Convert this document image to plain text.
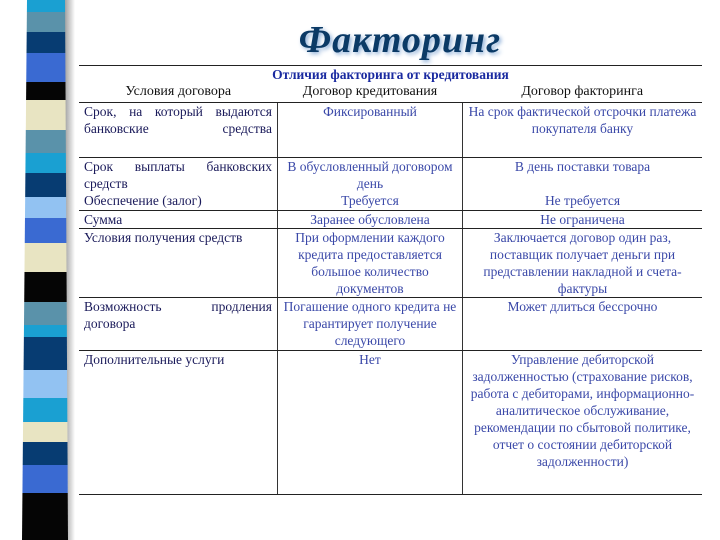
Факторинг
Отличия факторинга от кредитования		
Условия договора	Договор кредитования	Договор факторинга
Срок, на который выдаются банковские средства	Фиксированный	На срок фактической отсрочки платежа покупателя банку
Срок выплаты банковских средств	В обусловленный договором день	В день поставки товара
Обеспечение (залог)	Требуется	Не требуется
Сумма	Заранее обусловлена	Не ограничена
Условия получения средств	При оформлении каждого кредита предоставляется большое количество документов	Заключается договор один раз, поставщик получает деньги при представлении накладной и счета-фактуры
Возможность продления договора	Погашение одного кредита не гарантирует получение следующего	Может длиться бессрочно
Дополнительные услуги	Нет	Управление дебиторской задолженностью (страхование рисков, работа с дебиторами, информационно-аналитическое обслуживание, рекомендации по сбытовой политике, отчет о состоянии дебиторской задолженности)
